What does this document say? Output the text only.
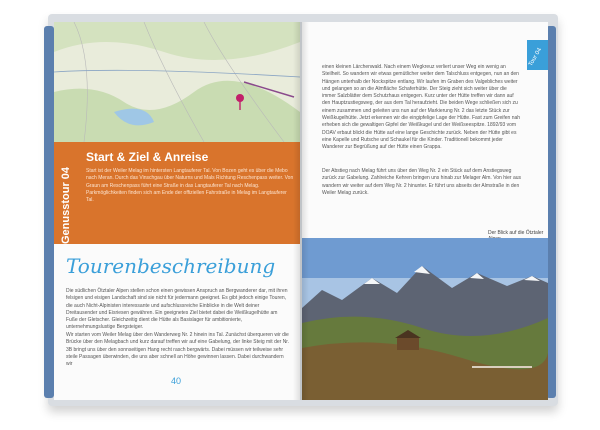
Genusstour 04
Start & Ziel & Anreise
Start ist der Weiler Melag im hintersten Langtauferer Tal. Von Bozen geht es über die Mebo nach Meran. Durch das Vinschgau über Naturns und Mals Richtung Reschenpass weiter. Von Graun am Reschenpass führt eine Straße in das Langtauferer Tal nach Melag. Parkmöglichkeiten finden sich am Ende der offiziellen Fahrstraße in Melag im Langtauferer Tal.
Tourenbeschreibung
Die südlichen Ötztaler Alpen stellen schon einen gewissen Anspruch an Bergwanderer dar, mit ihren felsigen und eisigen Landschaft sind sie nicht für jedermann geeignet. Es gibt jedoch einige Touren, die auch Nicht-Alpinisten interessante und aufschlussreiche Einblicke in die Welt deiner Dreitausender und Eisriesen gewähren. Ein geeignetes Ziel bietet dabei die Weißkugelhütte am Fuße der Gletscher. Gleichzeitig dient die Hütte als Basislager für ambitionierte, unternehmungslustige Bergsteiger.
Wir starten vom Weiler Melag über den Wanderweg Nr. 2 hinein ins Tal. Zunächst überqueren wir die Brücke über den Melagbach und kurz darauf treffen wir auf eine Gabelung, der linke Steig mit der Nr. 3B bringt uns über den sonnseitigen Hang recht rasch bergwärts. Dabei müssen wir teilweise sehr steile Passagen überwinden, die uns aber schnell an Höhe gewinnen lassen. Dabei durchwandern wir
40
Tour 04
einen kleinen Lärchenwald. Nach einem Wegkreuz verliert unser Weg ein wenig an Steilheit. So wandern wir etwas gemütlicher weiter dem Talschluss entgegen, nun an den Hängen unterhalb der Nockspitze entlang. Wir laufen im Graben des Valgebliches weiter und gelangen so an die Almfläche Schaferhütte. Der Steig zieht sich weiter über die immer Salzblätter dem Schutzhaus entgegen. Kurz unter der Hütte treffen wir dann auf den Hauptzustiegsweg, der aus dem Tal heraufzieht. Die beiden Wege schließen sich zu einem zusammen und geleiten uns nun auf der Markierung Nr. 2 das letzte Stück zur Weißkugelhütte. Jetzt erkennen wir die eingipfelige Lage der Hütte. Fast zum Greifen nah erheben sich die gewaltigen Gipfel der Weißkugel und der Weißseespitze. 1892/93 vom DOAV erbaut blickt die Hütte auf eine lange Geschichte zurück. Neben der Hütte gibt es eine Kapelle und Rutsche und Schaukel für die Kinder. Traditionell bekommt jeder Wanderer zur Begrüßung auf der Hütte einen Grappa.
Der Abstieg nach Melag führt uns über den Weg Nr. 2 ein Stück auf dem Anstiegsweg zurück zur Gabelung. Zahlreiche Kehren bringen uns hinab zur Melager Alm. Von hier aus wandern wir weiter auf dem Weg Nr. 2 hinunter. Er führt uns abseits der Almstraße in den Weiler Melag zurück.
Der Blick auf die Ötztaler
